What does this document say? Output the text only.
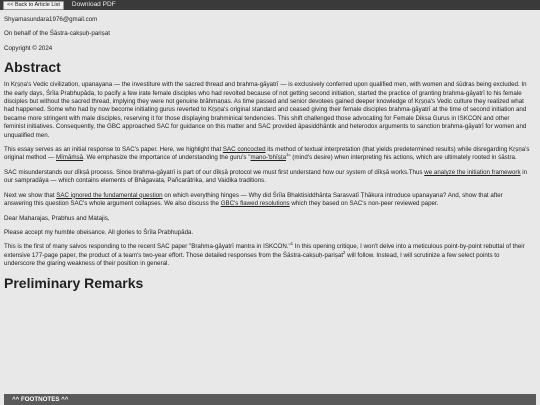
<< Back to Article List	Download PDF

Shyamasundara1976@gmail.com

On behalf of the Śāstra-cakṣuḥ-pariṣat

Copyright © 2024

Abstract

In Kṛṣṇa's Vedic civilization, upanayana — the investiture with the sacred thread and brahma-gāyatrī — is exclusively conferred upon qualified men, with women and śūdras being excluded. In the early days, Śrīla Prabhupāda, to pacify a few irate female disciples who had revolted because of not getting second initiation, started the practice of granting brahma-gāyatrī to his female disciples but without the sacred thread, implying they were not genuine brāhmaṇas. As time passed and senior devotees gained deeper knowledge of Kṛṣṇa's Vedic culture they realized what had happened. Some who had by now become initiating gurus reverted to Kṛṣṇa's original standard and ceased giving their female disciples brahma-gāyatrī at the time of second initiation and became more stringent with male disciples, reserving it for those displaying brahminical tendencies. This shift challenged those advocating for Female Diksa Gurus in ISKCON and other feminist initiatives. Consequently, the GBC approached SAC for guidance on this matter and SAC provided āpasiddhāntik and heterodox arguments to sanction brahma-gāyatrī for women and unqualified men.

This essay serves as an initial response to SAC's paper. Here, we highlight that SAC concocted its method of textual interpretation (that yields predetermined results) while disregarding Kṛṣṇa's original method — Mīmāṁsā. We emphasize the importance of understanding the guru's "mano-'bhīṣṭa$^1$" (mind's desire) when interpreting his actions, which are ultimately rooted in śāstra.

SAC misunderstands our dīkṣā process. Since brahma-gāyatrī is part of our dīkṣā protocol we must first understand how our system of dīkṣā works.Thus we analyze the initiation framework in our sampradāya — which contains elements of Bhāgavata, Pañcarātrika, and Vaidika traditions.

Next we show that SAC ignored the fundamental question on which everything hinges — Why did Śrīla Bhaktisiddhānta Sarasvatī Ṭhākura introduce upanayana? And, show that after answering this question SAC's whole argument collapses. We also discuss the GBC's flawed resolutions which they based on SAC's non-peer reviewed paper.

Dear Maharajas, Prabhus and Matajis,

Please accept my humble obeisance. All glories to Śrīla Prabhupāda.

This is the first of many salvos responding to the recent SAC paper "Brahma-gāyatrī mantra in ISKCON."$^1$ In this opening critique, I won't delve into a meticulous point-by-point rebuttal of their extensive 177-page paper, the product of a team's two-year effort. Those detailed responses from the Śāstra-cakṣuḥ-pariṣat$^2$ will follow. Instead, I will scrutinize a few select points to underscore the glaring weakness of their position in general.

Preliminary Remarks
^^ FOOTNOTES ^^
